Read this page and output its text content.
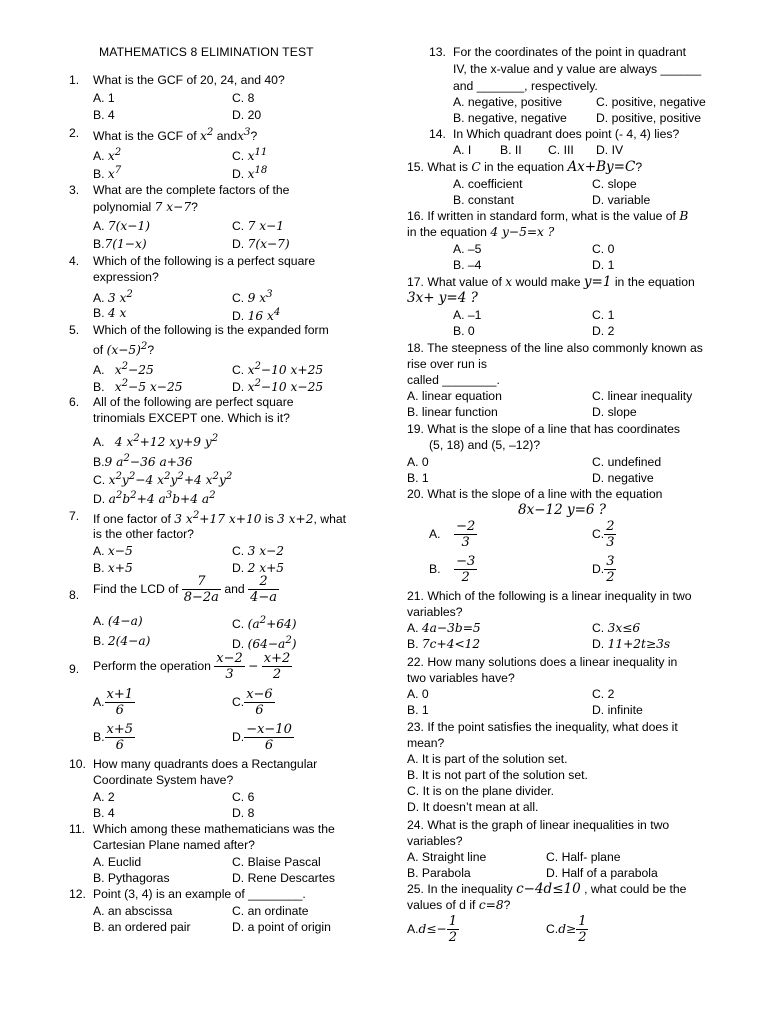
MATHEMATICS 8 ELIMINATION TEST
1. What is the GCF of 20, 24, and 40?
A. 1	C. 8
B. 4	D. 20
2. What is the GCF of $x^2$ andx$^3$?
A. $x^2$	C. $x^{11}$
B. $x^7$	D. $x^{18}$
3. What are the complete factors of the
polynomial 7 x−7?
A. 7(x−1)	C. 7 x−1
B.7(1−x)	D. 7(x−7)
4. Which of the following is a perfect square
expression?
A. 3 $x^2$	C. 9 $x^3$
B. 4 x	D. 16 $x^4$
5. Which of the following is the expanded form
of $(x-5)^2$?
A. $x^2-25$	C. $x^2-10$ x+25
B. $x^2-5$ x−25	D. $x^2-10$ x−25
6. All of the following are perfect square
trinomials EXCEPT one. Which is it?
A. 4 $x^2+12$ xy+9 $y^2$
B.9 $a^2-36$ a+36
C. $x^2y^2-4$ $x^2y^2+4$ $x^2y^2$
D. $a^2b^2+4$ $a^3b+4$ $a^2$
7. If one factor of 3 $x^2+17$ x+10 is 3 x+2, what
is the other factor?
A. x−5	C. 3 x−2
B. x+5	D. 2 x+5
8. Find the LCD of $\frac{7}{8-2a}$ and $\frac{2}{4-a}$
A. (4−a)	C. $(a^2+64)$
B. 2(4−a)	D. $(64-a^2)$
9. Perform the operation $\frac{x-2}{3} - \frac{x+2}{2}$
A. $\frac{x+1}{6}$	C. $\frac{x-6}{6}$
B. $\frac{x+5}{6}$	D. $\frac{-x-10}{6}$
10. How many quadrants does a Rectangular
Coordinate System have?
A. 2	C. 6
B. 4	D. 8
11. Which among these mathematicians was the
Cartesian Plane named after?
A. Euclid	C. Blaise Pascal
B. Pythagoras	D. Rene Descartes
12. Point (3, 4) is an example of ________.
A. an abscissa	C. an ordinate
B. an ordered pair	D. a point of origin
13. For the coordinates of the point in quadrant
IV, the x-value and y value are always ______
and _______, respectively.
A. negative, positive	C. positive, negative
B. negative, negative D. positive, positive
14. In Which quadrant does point (- 4, 4) lies?
A. I B. II C. III D. IV
15. What is C in the equation Ax+By=C?
A. coefficient	C. slope
B. constant	D. variable
16. If written in standard form, what is the value of B
in the equation 4 y−5=x ?
A. –5	C. 0
B. –4	D. 1
17. What value of x would make y=1 in the equation
3x+ y=4 ?
A. –1	C. 1
B. 0	D. 2
18. The steepness of the line also commonly known as
rise over run is
called ________.
A. linear equation	C. linear inequality
B. linear function	D. slope
19. What is the slope of a line that has coordinates
(5, 18) and (5, –12)?
A. 0	C. undefined
B. 1	D. negative
20. What is the slope of a line with the equation
8x−12 y=6 ?
A. $\frac{-2}{3}$	C. $\frac{2}{3}$
B. $\frac{-3}{2}$	D. $\frac{3}{2}$
21. Which of the following is a linear inequality in two
variables?
A. 4a−3b=5	C. 3x≤6
B. 7c+4<12	D. 11+2t≥3s
22. How many solutions does a linear inequality in
two variables have?
A. 0	C. 2
B. 1	D. infinite
23. If the point satisfies the inequality, what does it
mean?
A. It is part of the solution set.
B. It is not part of the solution set.
C. It is on the plane divider.
D. It doesn’t mean at all.
24. What is the graph of linear inequalities in two
variables?
A. Straight line	C. Half- plane
B. Parabola	D. Half of a parabola
25. In the inequality c−4d≤10 , what could be the
values of d if c=8?
$A.d\le- \frac{1}{2}$	$C.d\ge \frac{1}{2}$
